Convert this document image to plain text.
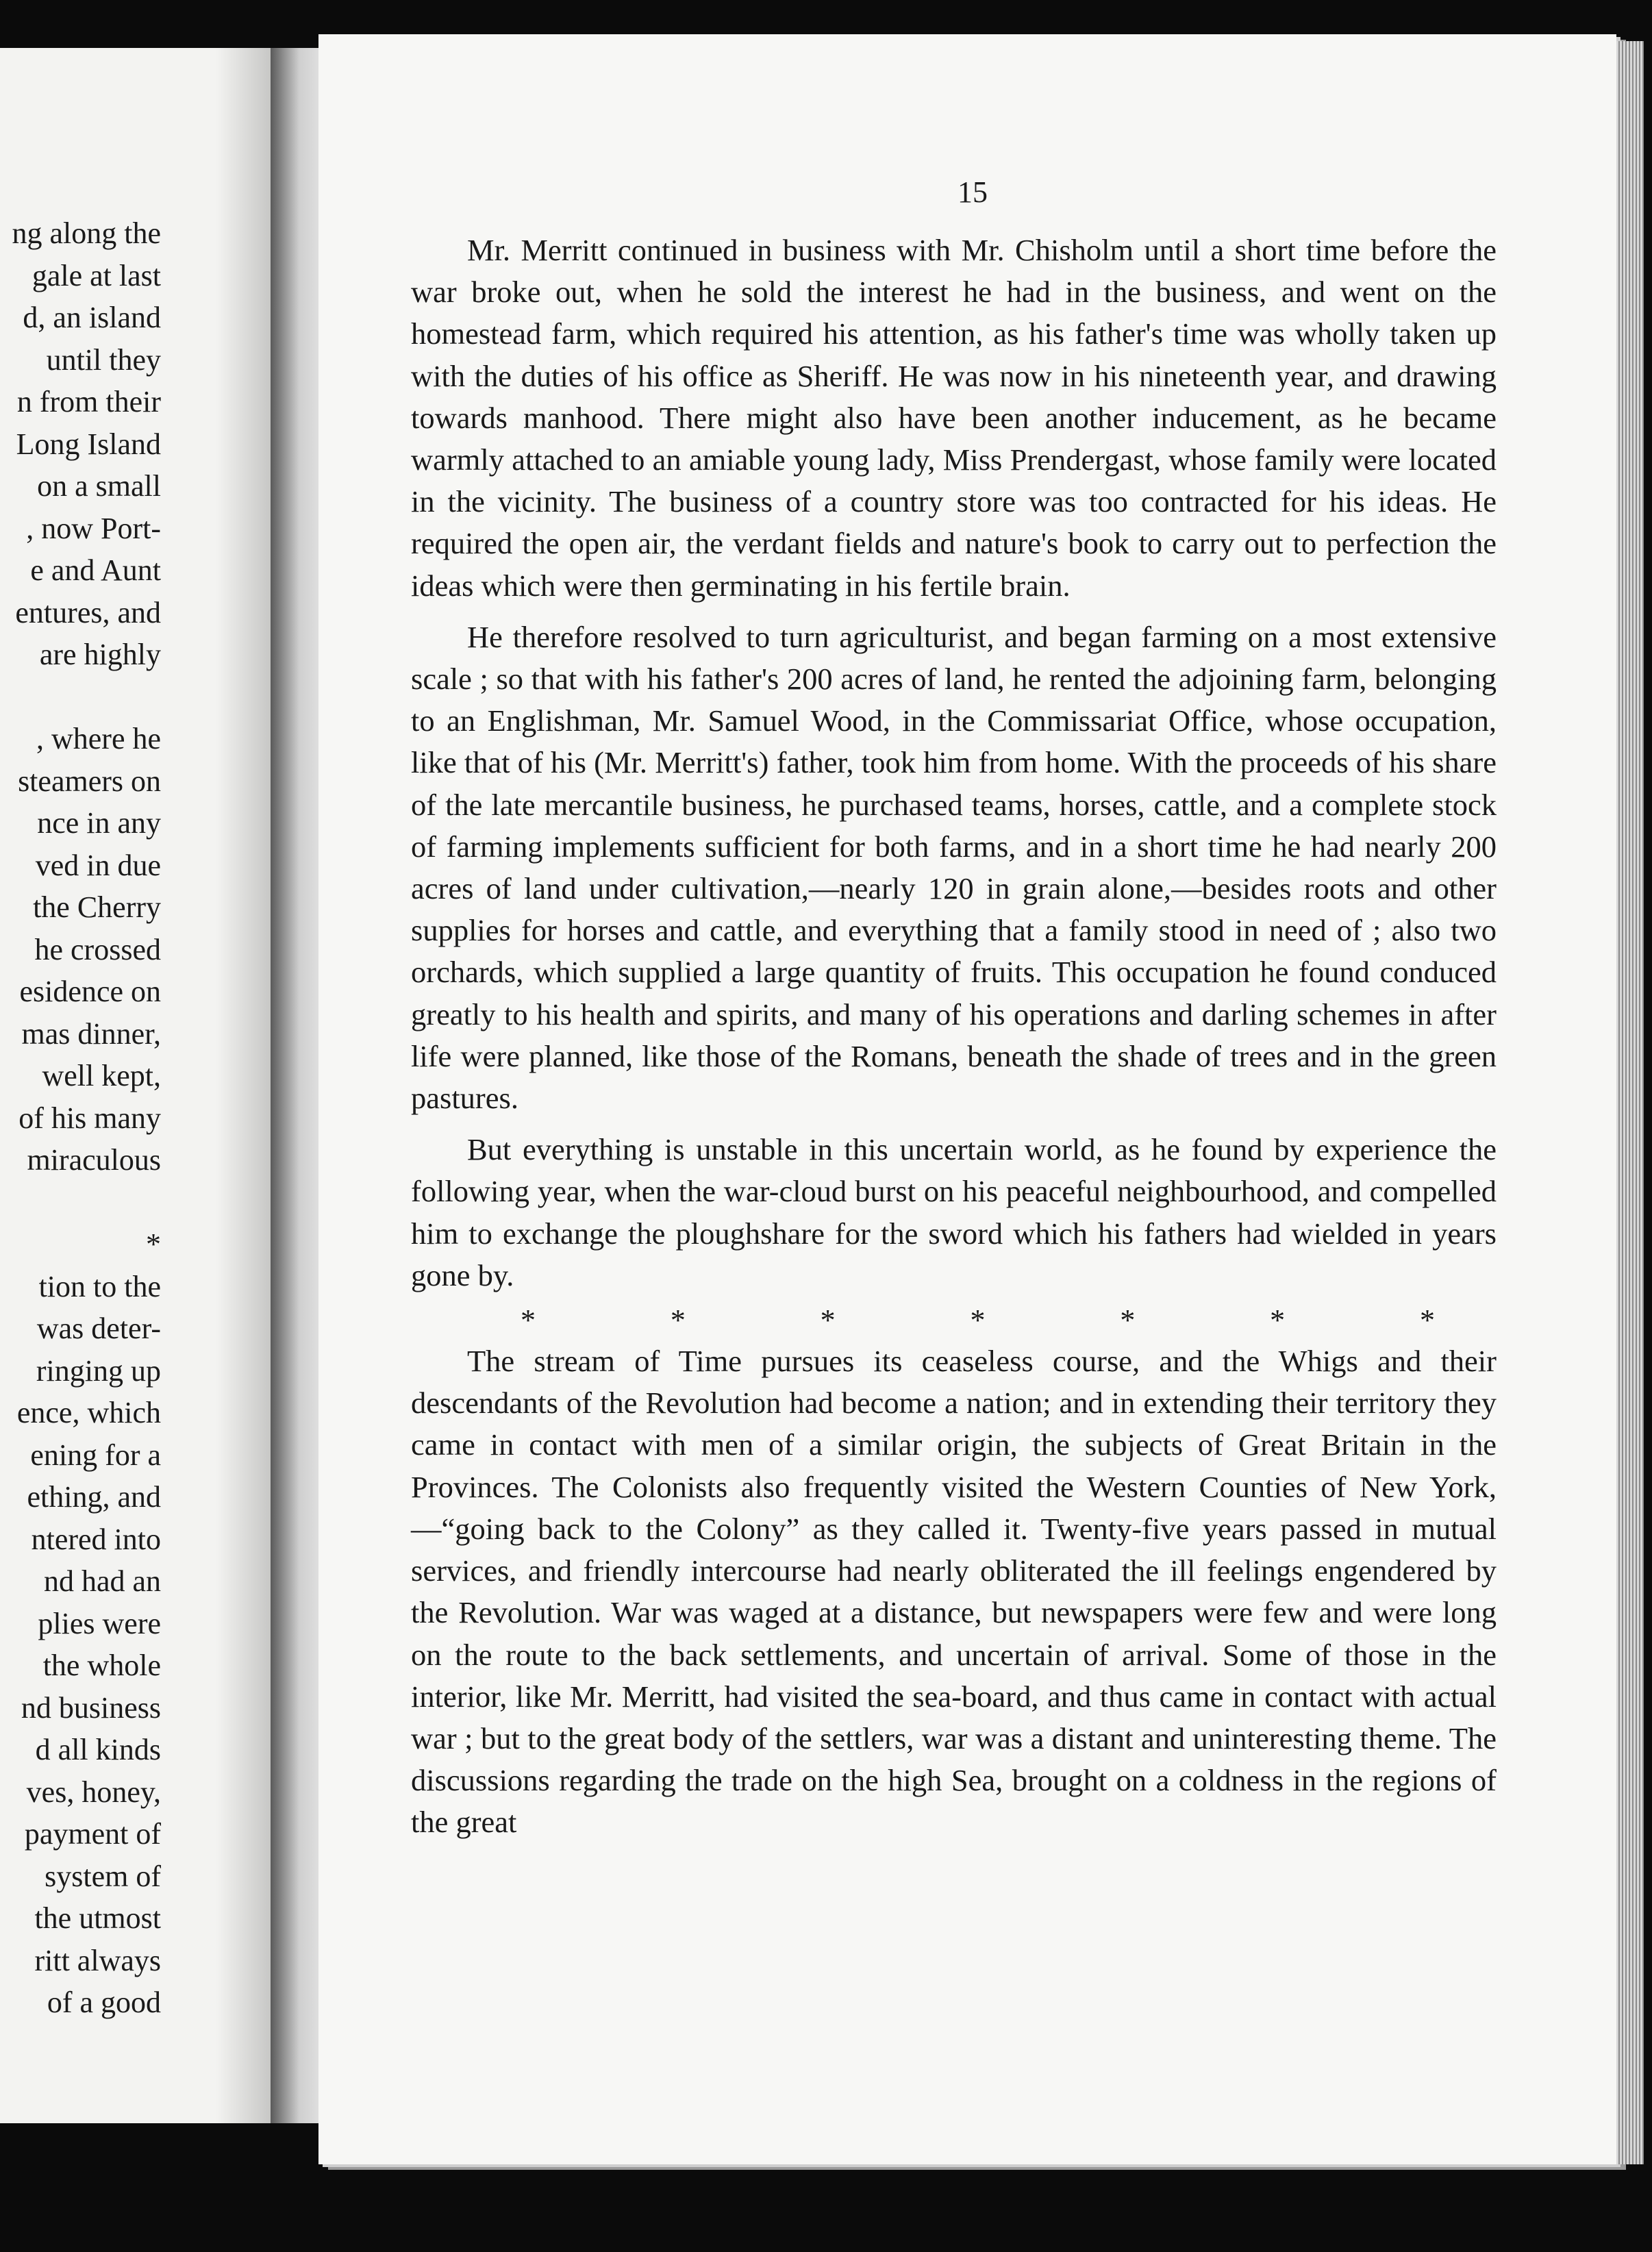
ng along the
gale at last
d, an island
until they
n from their
Long Island
on a small
, now Port-
e and Aunt
entures, and
are highly
, where he
steamers on
nce in any
ved in due
the Cherry
he crossed
esidence on
mas dinner,
well kept,
of his many
miraculous
*
tion to the
was deter-
ringing up
ence, which
ening for a
ething, and
ntered into
nd had an
plies were
the whole
nd business
d all kinds
ves, honey,
payment of
system of
the utmost
ritt always
of a good
15

Mr. Merritt continued in business with Mr. Chisholm until a short time before the war broke out, when he sold the interest he had in the business, and went on the homestead farm, which required his attention, as his father's time was wholly taken up with the duties of his office as Sheriff. He was now in his nineteenth year, and drawing towards manhood. There might also have been another inducement, as he became warmly attached to an amiable young lady, Miss Prendergast, whose family were located in the vicinity. The business of a country store was too contracted for his ideas. He required the open air, the verdant fields and nature's book to carry out to perfection the ideas which were then germinating in his fertile brain.

He therefore resolved to turn agriculturist, and began farming on a most extensive scale ; so that with his father's 200 acres of land, he rented the adjoining farm, belonging to an Englishman, Mr. Samuel Wood, in the Commissariat Office, whose occupation, like that of his (Mr. Merritt's) father, took him from home. With the proceeds of his share of the late mercantile business, he purchased teams, horses, cattle, and a complete stock of farming implements sufficient for both farms, and in a short time he had nearly 200 acres of land under cultivation,—nearly 120 in grain alone,—besides roots and other supplies for horses and cattle, and everything that a family stood in need of ; also two orchards, which supplied a large quantity of fruits. This occupation he found conduced greatly to his health and spirits, and many of his operations and darling schemes in after life were planned, like those of the Romans, beneath the shade of trees and in the green pastures.

But everything is unstable in this uncertain world, as he found by experience the following year, when the war-cloud burst on his peaceful neighbourhood, and compelled him to exchange the ploughshare for the sword which his fathers had wielded in years gone by.

*	*	*	*	*	*	*

The stream of Time pursues its ceaseless course, and the Whigs and their descendants of the Revolution had become a nation; and in extending their territory they came in contact with men of a similar origin, the subjects of Great Britain in the Provinces. The Colonists also frequently visited the Western Counties of New York,—“going back to the Colony” as they called it. Twenty-five years passed in mutual services, and friendly intercourse had nearly obliterated the ill feelings engendered by the Revolution. War was waged at a distance, but newspapers were few and were long on the route to the back settlements, and uncertain of arrival. Some of those in the interior, like Mr. Merritt, had visited the sea-board, and thus came in contact with actual war ; but to the great body of the settlers, war was a distant and uninteresting theme. The discussions regarding the trade on the high Sea, brought on a coldness in the regions of the great
